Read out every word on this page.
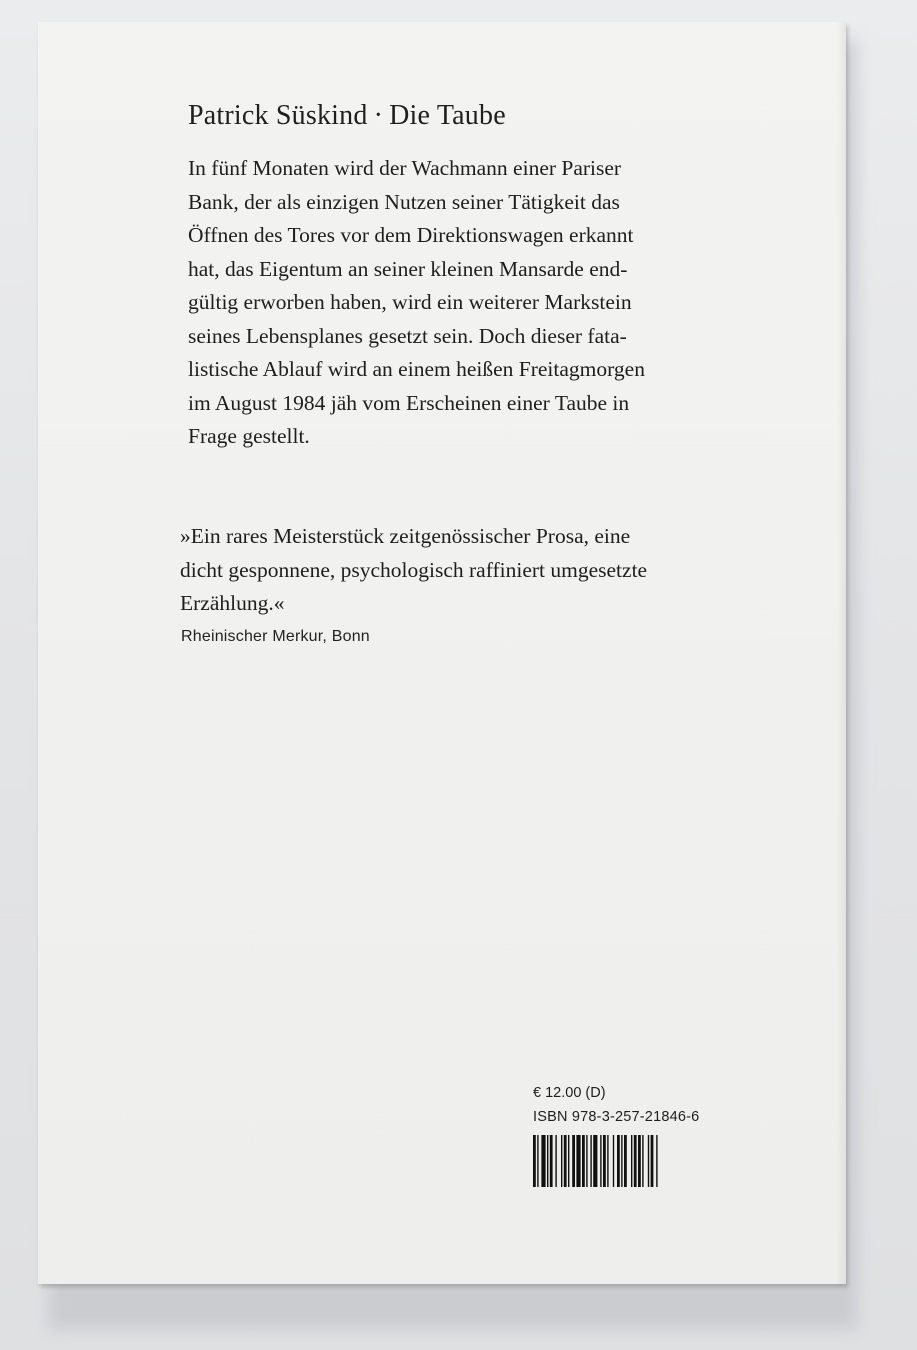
Patrick Süskind · Die Taube
In fünf Monaten wird der Wachmann einer Pariser
Bank, der als einzigen Nutzen seiner Tätigkeit das
Öffnen des Tores vor dem Direktionswagen erkannt
hat, das Eigentum an seiner kleinen Mansarde end-
gültig erworben haben, wird ein weiterer Markstein
seines Lebensplanes gesetzt sein. Doch dieser fata-
listische Ablauf wird an einem heißen Freitagmorgen
im August 1984 jäh vom Erscheinen einer Taube in
Frage gestellt.
»Ein rares Meisterstück zeitgenössischer Prosa, eine
dicht gesponnene, psychologisch raffiniert umgesetzte
Erzählung.«
Rheinischer Merkur, Bonn
€ 12.00 (D)
ISBN 978-3-257-21846-6
